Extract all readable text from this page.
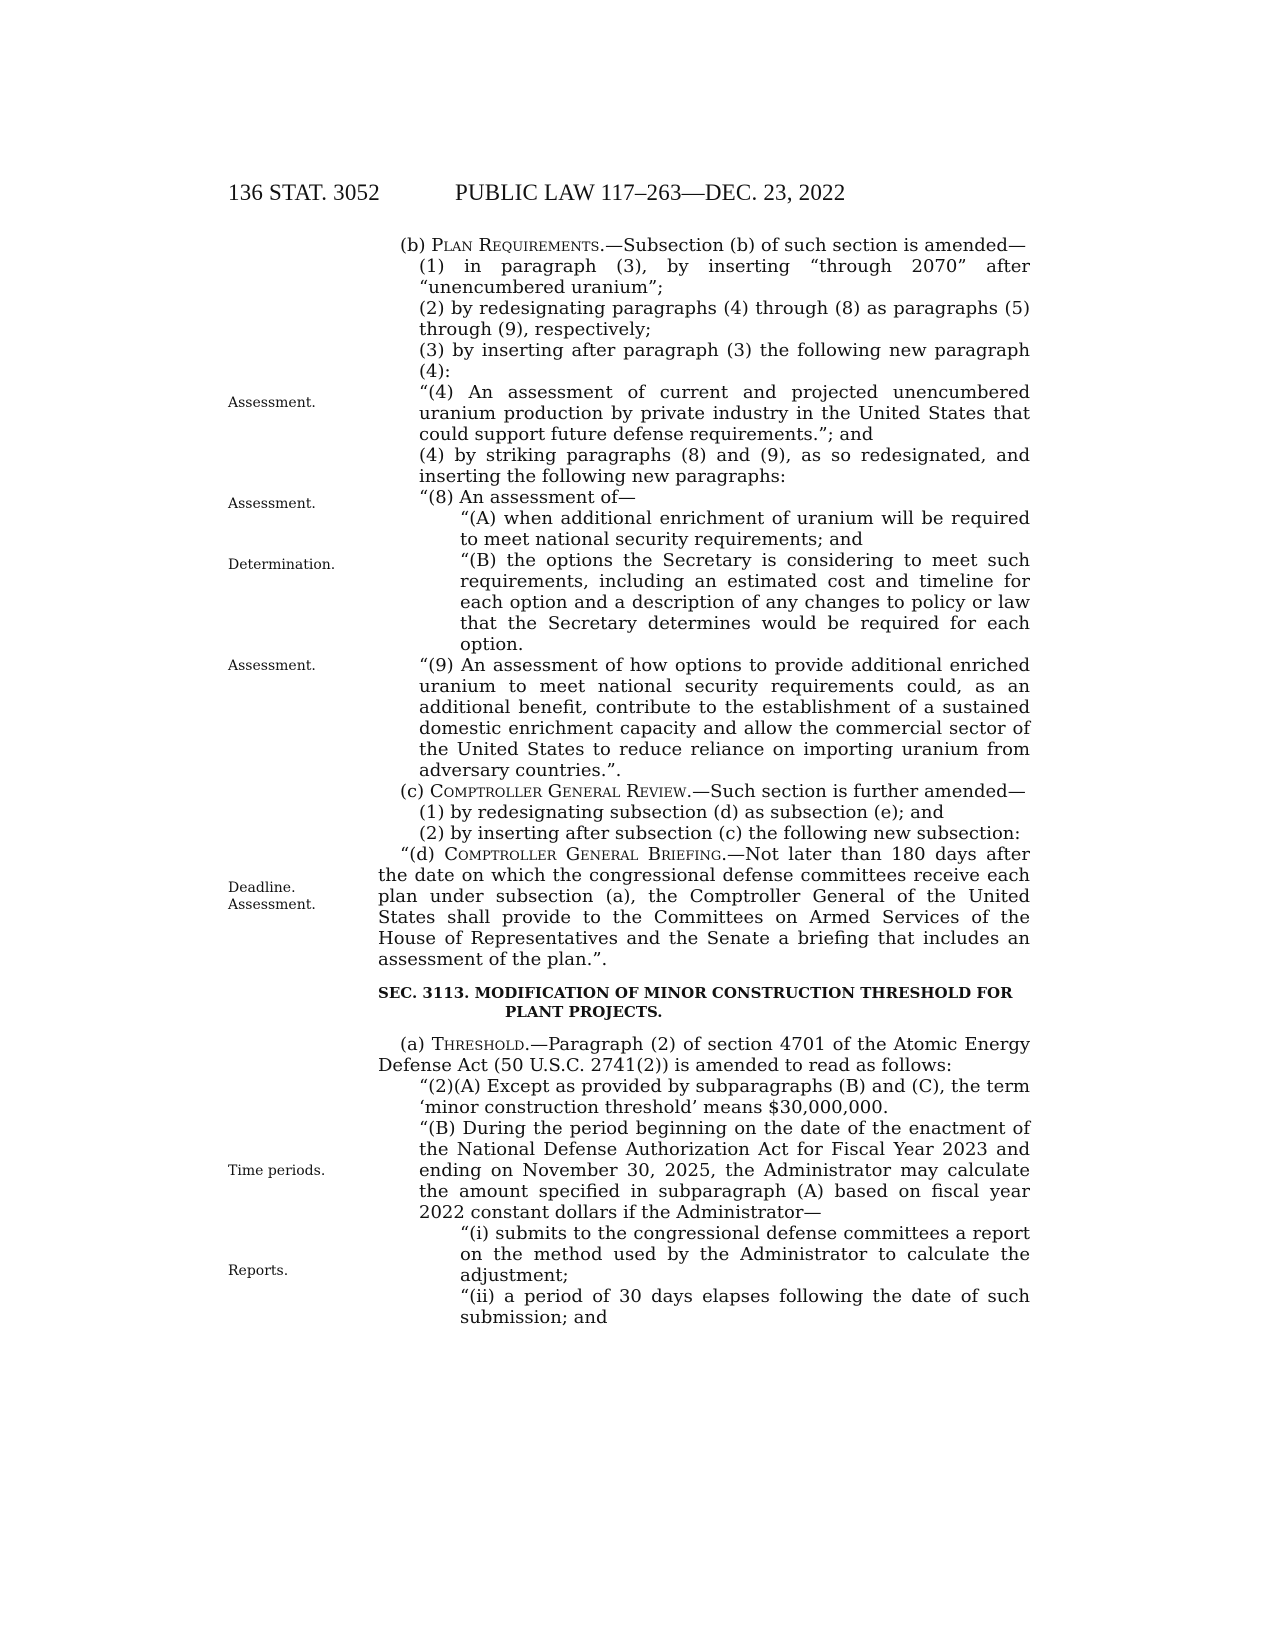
136 STAT. 3052	PUBLIC LAW 117–263—DEC. 23, 2022
Assessment.
Assessment.
Determination.
Assessment.
Deadline.
Assessment.
Time periods.
Reports.

(b) Plan Requirements.—Subsection (b) of such section is amended—

(1) in paragraph (3), by inserting “through 2070” after “unencumbered uranium”;

(2) by redesignating paragraphs (4) through (8) as paragraphs (5) through (9), respectively;

(3) by inserting after paragraph (3) the following new paragraph (4):

“(4) An assessment of current and projected unencumbered uranium production by private industry in the United States that could support future defense requirements.”; and

(4) by striking paragraphs (8) and (9), as so redesignated, and inserting the following new paragraphs:

“(8) An assessment of—

“(A) when additional enrichment of uranium will be required to meet national security requirements; and

“(B) the options the Secretary is considering to meet such requirements, including an estimated cost and timeline for each option and a description of any changes to policy or law that the Secretary determines would be required for each option.

“(9) An assessment of how options to provide additional enriched uranium to meet national security requirements could, as an additional benefit, contribute to the establishment of a sustained domestic enrichment capacity and allow the commercial sector of the United States to reduce reliance on importing uranium from adversary countries.”.

(c) Comptroller General Review.—Such section is further amended—

(1) by redesignating subsection (d) as subsection (e); and

(2) by inserting after subsection (c) the following new subsection:

“(d) Comptroller General Briefing.—Not later than 180 days after the date on which the congressional defense committees receive each plan under subsection (a), the Comptroller General of the United States shall provide to the Committees on Armed Services of the House of Representatives and the Senate a briefing that includes an assessment of the plan.”.

SEC. 3113. MODIFICATION OF MINOR CONSTRUCTION THRESHOLD FOR
PLANT PROJECTS.

(a) Threshold.—Paragraph (2) of section 4701 of the Atomic Energy Defense Act (50 U.S.C. 2741(2)) is amended to read as follows:

“(2)(A) Except as provided by subparagraphs (B) and (C), the term ‘minor construction threshold’ means $30,000,000.

“(B) During the period beginning on the date of the enactment of the National Defense Authorization Act for Fiscal Year 2023 and ending on November 30, 2025, the Administrator may calculate the amount specified in subparagraph (A) based on fiscal year 2022 constant dollars if the Administrator—

“(i) submits to the congressional defense committees a report on the method used by the Administrator to calculate the adjustment;

“(ii) a period of 30 days elapses following the date of such submission; and
